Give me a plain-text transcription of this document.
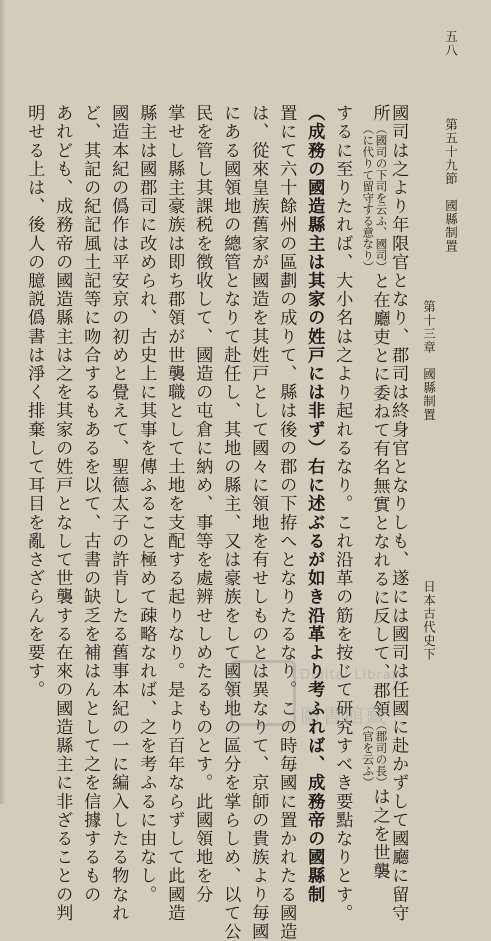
五八
第五十九節　國縣制置
第十三章　國縣制置
日本古代史下
國司は之より年限官となり、郡司は終身官となりしも、遂には國司は任國に赴かずして國廳に留守
所（國司の下司を云ふ、國司）
（に代りて留守する意なり）と在廳吏とに委ねて有名無實となれるに反して、郡領（郡司の長）
（官を云ふ）は之を世襲
するに至りたれば、大小名は之より起れるなり。これ沿革の筋を按じて研究すべき要點なりとす。
（成務の國造縣主は其家の姓戸には非ず）右に述ぶるが如き沿革より考ふれば、成務帝の國縣制
置にて六十餘州の區劃の成りて、縣は後の郡の下拵へとなりたるなり。この時毎國に置かれたる國造
は、從來皇族舊家が國造を其姓戸として國々に領地を有せしものとは異なりて、京師の貴族より毎國
にある國領地の總管となりて赴任し、其地の縣主、又は豪族をして國領地の區分を掌らしめ、以て公
民を管し其課税を徴收して、國造の屯倉に納め、事等を處辨せしめたるものとす。此國領地を分
掌せし縣主豪族は即ち郡領が世襲職として土地を支配する起りなり。是より百年ならずして此國造
縣主は國郡司に改められ、古史上に其事を傳ふること極めて疎略なれば、之を考ふるに由なし。
國造本紀の僞作は平安京の初めと覺えて、聖德太子の許肯したる舊事本紀の一に編入したる物なれ
ど、其記の紀記風土記等に吻合するもあるを以て、古書の缺乏を補はんとして之を信據するもの
あれども、成務帝の國造縣主は之を其家の姓戸となして世襲する在來の國造縣主に非ざることの判
明せる上は、後人の臆説僞書は淨く排棄して耳目を亂さざらんを要す。	Digital Library
圖書館藏
